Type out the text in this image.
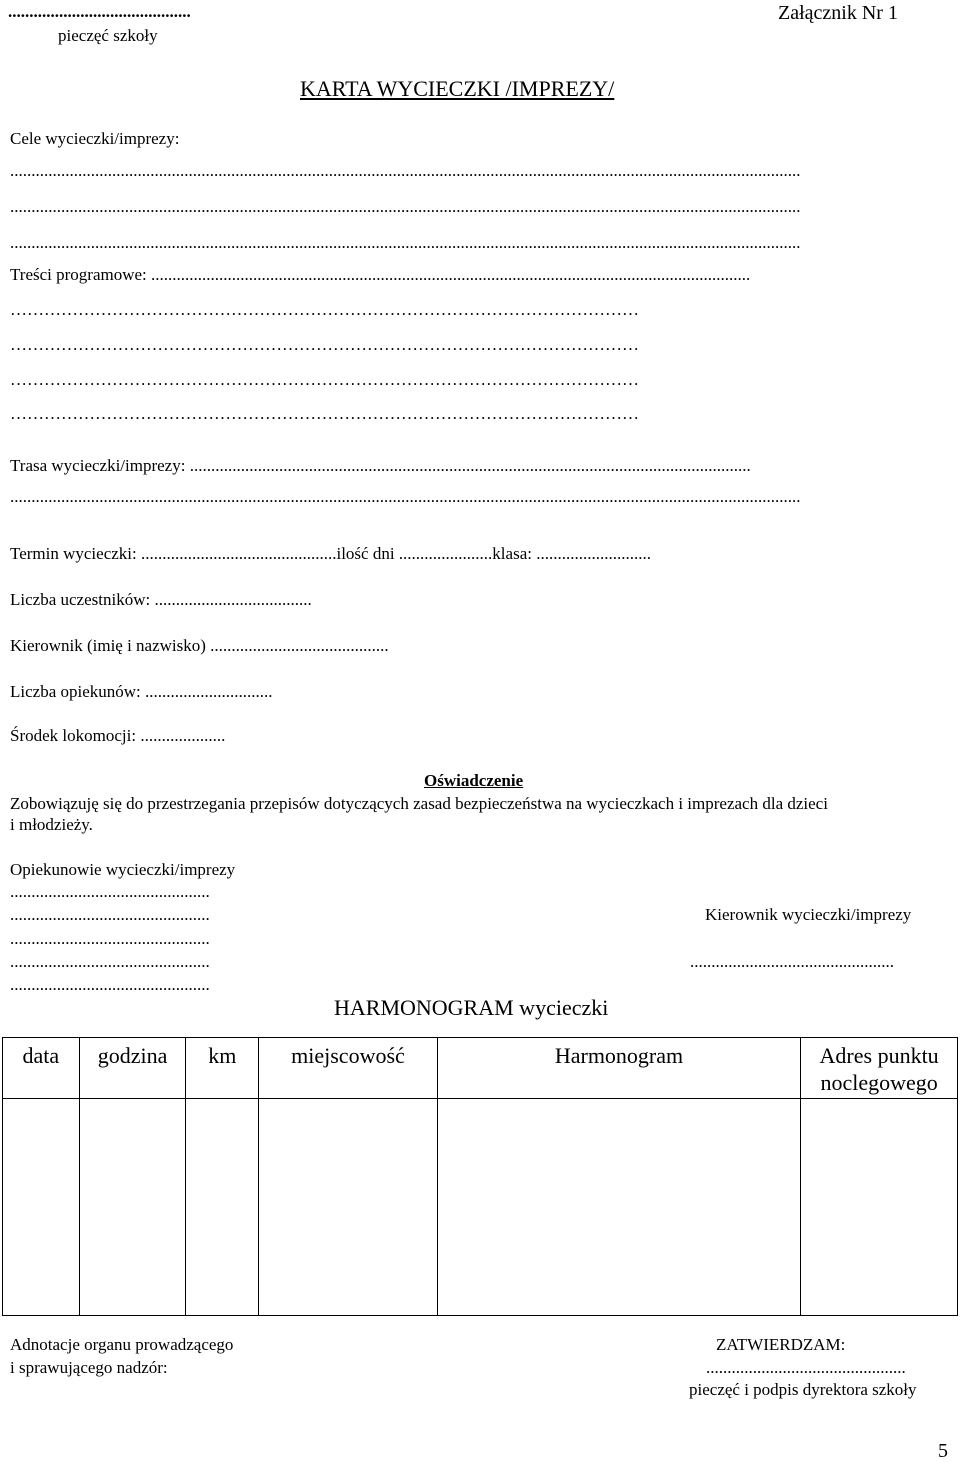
...........................................
pieczęć szkoły
Załącznik Nr 1
KARTA WYCIECZKI /IMPREZY/
Cele wycieczki/imprezy:
..........................................................................................................................................................................................
..........................................................................................................................................................................................
..........................................................................................................................................................................................
Treści programowe: .............................................................................................................................................
…………………………………………………………………………………………………
…………………………………………………………………………………………………
…………………………………………………………………………………………………
…………………………………………………………………………………………………
Trasa wycieczki/imprezy: ....................................................................................................................................
..........................................................................................................................................................................................
Termin wycieczki: ..............................................ilość dni ......................klasa: ...........................
Liczba uczestników: .....................................
Kierownik (imię i nazwisko) ..........................................
Liczba opiekunów: ..............................
Środek lokomocji: ....................
Oświadczenie
Zobowiązuję się do przestrzegania przepisów dotyczących zasad bezpieczeństwa na wycieczkach i imprezach dla dzieci
i młodzieży.
Opiekunowie wycieczki/imprezy
...............................................
...............................................
...............................................
...............................................
...............................................
Kierownik wycieczki/imprezy
................................................
HARMONOGRAM wycieczki
data	godzina	km	miejscowość	Harmonogram	Adres punktu noclegowego

Adnotacje organu prowadzącego
i sprawującego nadzór:
ZATWIERDZAM:
...............................................
pieczęć i podpis dyrektora szkoły
5
